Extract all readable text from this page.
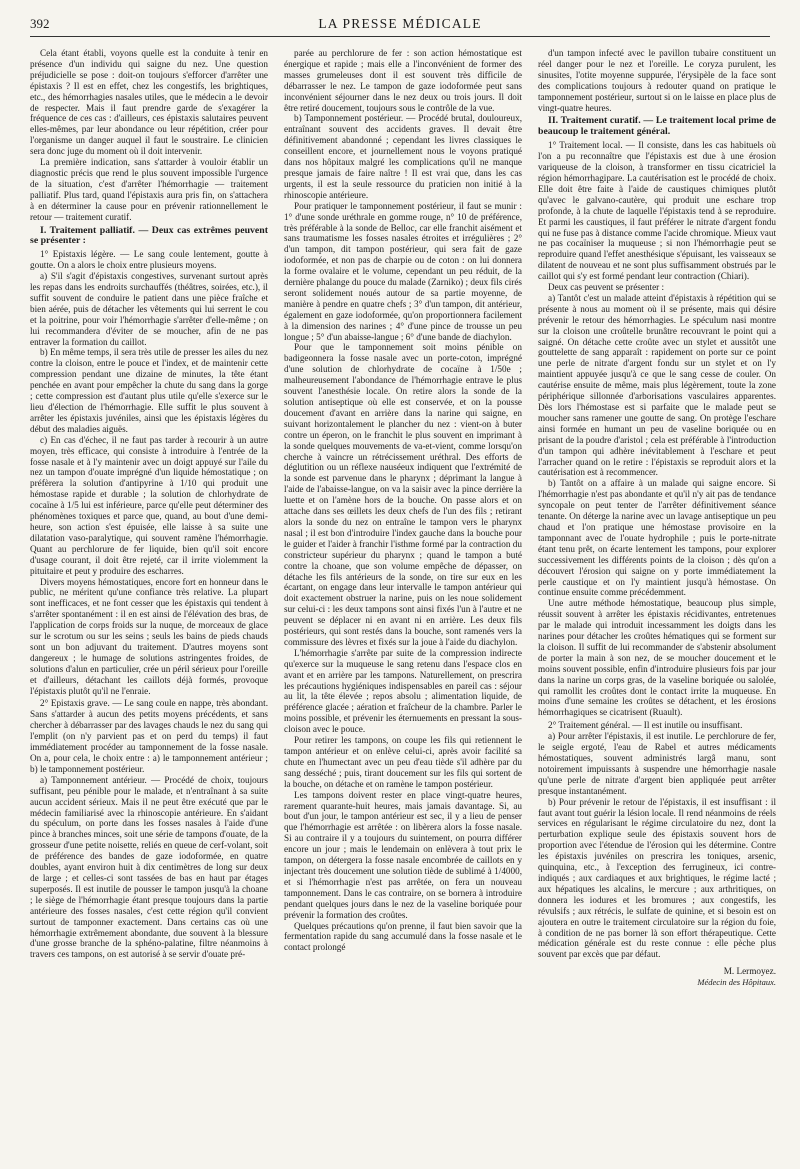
392	LA PRESSE MÉDICALE

Cela étant établi, voyons quelle est la conduite à tenir en présence d'un individu qui saigne du nez. Une question préjudicielle se pose : doit-on toujours s'efforcer d'arrêter une épistaxis ? Il est en effet, chez les congestifs, les brightiques, etc., des hémorrhagies nasales utiles, que le médecin a le devoir de respecter. Mais il faut prendre garde de s'exagérer la fréquence de ces cas : d'ailleurs, ces épistaxis salutaires peuvent elles-mêmes, par leur abondance ou leur répétition, créer pour l'organisme un danger auquel il faut le soustraire. Le clinicien sera donc juge du moment où il doit intervenir.

La première indication, sans s'attarder à vouloir établir un diagnostic précis que rend le plus souvent impossible l'urgence de la situation, c'est d'arrêter l'hémorrhagie — traitement palliatif. Plus tard, quand l'épistaxis aura pris fin, on s'attachera à en déterminer la cause pour en prévenir rationnellement le retour — traitement curatif.

I. Traitement palliatif. — Deux cas extrêmes peuvent se présenter :
1° Epistaxis légère. — Le sang coule lentement, goutte à goutte. On a alors le choix entre plusieurs moyens.

a) S'il s'agit d'épistaxis congestives, survenant surtout après les repas dans les endroits surchauffés (théâtres, soirées, etc.), il suffit souvent de conduire le patient dans une pièce fraîche et bien aérée, puis de détacher les vêtements qui lui serrent le cou et la poitrine, pour voir l'hémorrhagie s'arrêter d'elle-même ; on lui recommandera d'éviter de se moucher, afin de ne pas entraver la formation du caillot.

b) En même temps, il sera très utile de presser les ailes du nez contre la cloison, entre le pouce et l'index, et de maintenir cette compression pendant une dizaine de minutes, la tête étant penchée en avant pour empêcher la chute du sang dans la gorge ; cette compression est d'autant plus utile qu'elle s'exerce sur le lieu d'élection de l'hémorrhagie. Elle suffit le plus souvent à arrêter les épistaxis juvéniles, ainsi que les épistaxis légères du début des maladies aiguës.

c) En cas d'échec, il ne faut pas tarder à recourir à un autre moyen, très efficace, qui consiste à introduire à l'entrée de la fosse nasale et à l'y maintenir avec un doigt appuyé sur l'aile du nez un tampon d'ouate imprégné d'un liquide hémostatique ; on préfèrera la solution d'antipyrine à 1/10 qui produit une hémostase rapide et durable ; la solution de chlorhydrate de cocaïne à 1/5 lui est inférieure, parce qu'elle peut déterminer des phénomènes toxiques et parce que, quand, au bout d'une demi-heure, son action s'est épuisée, elle laisse à sa suite une dilatation vaso-paralytique, qui souvent ramène l'hémorrhagie. Quant au perchlorure de fer liquide, bien qu'il soit encore d'usage courant, il doit être rejeté, car il irrite violemment la pituitaire et peut y produire des escharres.

Divers moyens hémostatiques, encore fort en honneur dans le public, ne méritent qu'une confiance très relative. La plupart sont inefficaces, et ne font cesser que les épistaxis qui tendent à s'arrêter spontanément : il en est ainsi de l'élévation des bras, de l'application de corps froids sur la nuque, de morceaux de glace sur le scrotum ou sur les seins ; seuls les bains de pieds chauds sont un bon adjuvant du traitement. D'autres moyens sont dangereux ; le humage de solutions astringentes froides, de solutions d'alun en particulier, crée un péril sérieux pour l'oreille et d'ailleurs, détachant les caillots déjà formés, provoque l'épistaxis plutôt qu'il ne l'enraie.

2° Epistaxis grave. — Le sang coule en nappe, très abondant. Sans s'attarder à aucun des petits moyens précédents, et sans chercher à débarrasser par des lavages chauds le nez du sang qui l'emplit (on n'y parvient pas et on perd du temps) il faut immédiatement procéder au tamponnement de la fosse nasale. On a, pour cela, le choix entre : a) le tamponnement antérieur ; b) le tamponnement postérieur.

a) Tamponnement antérieur. — Procédé de choix, toujours suffisant, peu pénible pour le malade, et n'entraînant à sa suite aucun accident sérieux. Mais il ne peut être exécuté que par le médecin familiarisé avec la rhinoscopie antérieure. En s'aidant du spéculum, on porte dans les fosses nasales à l'aide d'une pince à branches minces, soit une série de tampons d'ouate, de la grosseur d'une petite noisette, reliés en queue de cerf-volant, soit de préférence des bandes de gaze iodoformée, en quatre doubles, ayant environ huit à dix centimètres de long sur deux de large ; et celles-ci sont tassées de bas en haut par étages superposés. Il est inutile de pousser le tampon jusqu'à la choane ; le siège de l'hémorrhagie étant presque toujours dans la partie antérieure des fosses nasales, c'est cette région qu'il convient surtout de tamponner exactement. Dans certains cas où une hémorrhagie extrêmement abondante, due souvent à la blessure d'une grosse branche de la sphéno-palatine, filtre néanmoins à travers ces tampons, on est autorisé à se servir d'ouate pré-

parée au perchlorure de fer : son action hémostatique est énergique et rapide ; mais elle a l'inconvénient de former des masses grumeleuses dont il est souvent très difficile de débarrasser le nez. Le tampon de gaze iodoformée peut sans inconvénient séjourner dans le nez deux ou trois jours. Il doit être retiré doucement, toujours sous le contrôle de la vue.

b) Tamponnement postérieur. — Procédé brutal, douloureux, entraînant souvent des accidents graves. Il devait être définitivement abandonné ; cependant les livres classiques le conseillent encore, et journellement nous le voyons pratiqué dans nos hôpitaux malgré les complications qu'il ne manque presque jamais de faire naître ! Il est vrai que, dans les cas urgents, il est la seule ressource du praticien non initié à la rhinoscopie antérieure.

Pour pratiquer le tamponnement postérieur, il faut se munir : 1° d'une sonde uréthrale en gomme rouge, n° 10 de préférence, très préférable à la sonde de Belloc, car elle franchit aisément et sans traumatisme les fosses nasales étroites et irrégulières ; 2° d'un tampon, dit tampon postérieur, qui sera fait de gaze iodoformée, et non pas de charpie ou de coton : on lui donnera la forme ovalaire et le volume, cependant un peu réduit, de la dernière phalange du pouce du malade (Zarniko) ; deux fils cirés seront solidement noués autour de sa partie moyenne, de manière à pendre en quatre chefs ; 3° d'un tampon, dit antérieur, également en gaze iodoformée, qu'on proportionnera facilement à la dimension des narines ; 4° d'une pince de trousse un peu longue ; 5° d'un abaisse-langue ; 6° d'une bande de diachylon.

Pour que le tamponnement soit moins pénible on badigeonnera la fosse nasale avec un porte-coton, imprégné d'une solution de chlorhydrate de cocaïne à 1/50e ; malheureusement l'abondance de l'hémorrhagie entrave le plus souvent l'anesthésie locale. On retire alors la sonde de la solution antiseptique où elle est conservée, et on la pousse doucement d'avant en arrière dans la narine qui saigne, en suivant horizontalement le plancher du nez : vient-on à buter contre un éperon, on le franchit le plus souvent en imprimant à la sonde quelques mouvements de va-et-vient, comme lorsqu'on cherche à vaincre un rétrécissement uréthral. Des efforts de déglutition ou un réflexe nauséeux indiquent que l'extrémité de la sonde est parvenue dans le pharynx ; déprimant la langue à l'aide de l'abaisse-langue, on va la saisir avec la pince derrière la luette et on l'amène hors de la bouche. On passe alors et on attache dans ses œillets les deux chefs de l'un des fils ; retirant alors la sonde du nez on entraîne le tampon vers le pharynx nasal ; il est bon d'introduire l'index gauche dans la bouche pour le guider et l'aider à franchir l'isthme formé par la contraction du constricteur supérieur du pharynx ; quand le tampon a buté contre la choane, que son volume empêche de dépasser, on détache les fils antérieurs de la sonde, on tire sur eux en les écartant, on engage dans leur intervalle le tampon antérieur qui doit exactement obstruer la narine, puis on les noue solidement sur celui-ci : les deux tampons sont ainsi fixés l'un à l'autre et ne peuvent se déplacer ni en avant ni en arrière. Les deux fils postérieurs, qui sont restés dans la bouche, sont ramenés vers la commissure des lèvres et fixés sur la joue à l'aide du diachylon.

L'hémorrhagie s'arrête par suite de la compression indirecte qu'exerce sur la muqueuse le sang retenu dans l'espace clos en avant et en arrière par les tampons. Naturellement, on prescrira les précautions hygiéniques indispensables en pareil cas : séjour au lit, la tête élevée ; repos absolu ; alimentation liquide, de préférence glacée ; aération et fraîcheur de la chambre. Parler le moins possible, et prévenir les éternuements en pressant la sous-cloison avec le pouce.

Pour retirer les tampons, on coupe les fils qui retiennent le tampon antérieur et on enlève celui-ci, après avoir facilité sa chute en l'humectant avec un peu d'eau tiède s'il adhère par du sang desséché ; puis, tirant doucement sur les fils qui sortent de la bouche, on détache et on ramène le tampon postérieur.

Les tampons doivent rester en place vingt-quatre heures, rarement quarante-huit heures, mais jamais davantage. Si, au bout d'un jour, le tampon antérieur est sec, il y a lieu de penser que l'hémorrhagie est arrêtée : on libèrera alors la fosse nasale. Si au contraire il y a toujours du suintement, on pourra différer encore un jour ; mais le lendemain on enlèvera à tout prix le tampon, on détergera la fosse nasale encombrée de caillots en y injectant très doucement une solution tiède de sublimé à 1/4000, et si l'hémorrhagie n'est pas arrêtée, on fera un nouveau tamponnement. Dans le cas contraire, on se bornera à introduire pendant quelques jours dans le nez de la vaseline boriquée pour prévenir la formation des croûtes.

Quelques précautions qu'on prenne, il faut bien savoir que la fermentation rapide du sang accumulé dans la fosse nasale et le contact prolongé

d'un tampon infecté avec le pavillon tubaire constituent un réel danger pour le nez et l'oreille. Le coryza purulent, les sinusites, l'otite moyenne suppurée, l'érysipèle de la face sont des complications toujours à redouter quand on pratique le tamponnement postérieur, surtout si on le laisse en place plus de vingt-quatre heures.

II. Traitement curatif. — Le traitement local prime de beaucoup le traitement général.
1° Traitement local. — Il consiste, dans les cas habituels où l'on a pu reconnaître que l'épistaxis est due à une érosion variqueuse de la cloison, à transformer en tissu cicatriciel la région hémorrhagipare. La cautérisation est le procédé de choix. Elle doit être faite à l'aide de caustiques chimiques plutôt qu'avec le galvano-cautère, qui produit une eschare trop profonde, à la chute de laquelle l'épistaxis tend à se reproduire. Et parmi les caustiques, il faut préférer le nitrate d'argent fondu qui ne fuse pas à distance comme l'acide chromique. Mieux vaut ne pas cocaïniser la muqueuse ; si non l'hémorrhagie peut se reproduire quand l'effet anesthésique s'épuisant, les vaisseaux se dilatent de nouveau et ne sont plus suffisamment obstrués par le caillot qui s'y est formé pendant leur contraction (Chiari).

Deux cas peuvent se présenter :

a) Tantôt c'est un malade atteint d'épistaxis à répétition qui se présente à nous au moment où il se présente, mais qui désire prévenir le retour des hémorrhagies. Le spéculum nasi montre sur la cloison une croûtelle brunâtre recouvrant le point qui a saigné. On détache cette croûte avec un stylet et aussitôt une gouttelette de sang apparaît : rapidement on porte sur ce point une perle de nitrate d'argent fondu sur un stylet et on l'y maintient appuyée jusqu'à ce que le sang cesse de couler. On cautérise ensuite de même, mais plus légèrement, toute la zone périphérique sillonnée d'arborisations vasculaires apparentes. Dès lors l'hémostase est si parfaite que le malade peut se moucher sans ramener une goutte de sang. On protège l'eschare ainsi formée en humant un peu de vaseline boriquée ou en prisant de la poudre d'aristol ; cela est préférable à l'introduction d'un tampon qui adhère inévitablement à l'eschare et peut l'arracher quand on le retire : l'épistaxis se reproduit alors et la cautérisation est à recommencer.

b) Tantôt on a affaire à un malade qui saigne encore. Si l'hémorrhagie n'est pas abondante et qu'il n'y ait pas de tendance syncopale on peut tenter de l'arrêter définitivement séance tenante. On déterge la narine avec un lavage antiseptique un peu chaud et l'on pratique une hémostase provisoire en la tamponnant avec de l'ouate hydrophile ; puis le porte-nitrate étant tenu prêt, on écarte lentement les tampons, pour explorer successivement les différents points de la cloison ; dès qu'on a découvert l'érosion qui saigne on y porte immédiatement la perle caustique et on l'y maintient jusqu'à hémostase. On continue ensuite comme précédemment.

Une autre méthode hémostatique, beaucoup plus simple, réussit souvent à arrêter les épistaxis récidivantes, entretenues par le malade qui introduit incessamment les doigts dans les narines pour détacher les croûtes hématiques qui se forment sur la cloison. Il suffit de lui recommander de s'abstenir absolument de porter la main à son nez, de se moucher doucement et le moins souvent possible, enfin d'introduire plusieurs fois par jour dans la narine un corps gras, de la vaseline boriquée ou salolée, qui ramollit les croûtes dont le contact irrite la muqueuse. En moins d'une semaine les croûtes se détachent, et les érosions hémorrhagiques se cicatrisent (Ruault).

2° Traitement général. — Il est inutile ou insuffisant.

a) Pour arrêter l'épistaxis, il est inutile. Le perchlorure de fer, le seigle ergoté, l'eau de Rabel et autres médicaments hémostatiques, souvent administrés largâ manu, sont notoirement impuissants à suspendre une hémorrhagie nasale qu'une perle de nitrate d'argent bien appliquée peut arrêter presque instantanément.

b) Pour prévenir le retour de l'épistaxis, il est insuffisant : il faut avant tout guérir la lésion locale. Il rend néanmoins de réels services en régularisant le régime circulatoire du nez, dont la perturbation explique seule des épistaxis souvent hors de proportion avec l'étendue de l'érosion qui les détermine. Contre les épistaxis juvéniles on prescrira les toniques, arsenic, quinquina, etc., à l'exception des ferrugineux, ici contre-indiqués ; aux cardiaques et aux brightiques, le régime lacté ; aux hépatiques les alcalins, le mercure ; aux arthritiques, on donnera les iodures et les bromures ; aux congestifs, les révulsifs ; aux rétrécis, le sulfate de quinine, et si besoin est on ajoutera en outre le traitement circulatoire sur la région du foie, à condition de ne pas borner là son effort thérapeutique. Cette médication générale est du reste connue : elle pèche plus souvent par excès que par défaut.

M. Lermoyez.
Médecin des Hôpitaux.
